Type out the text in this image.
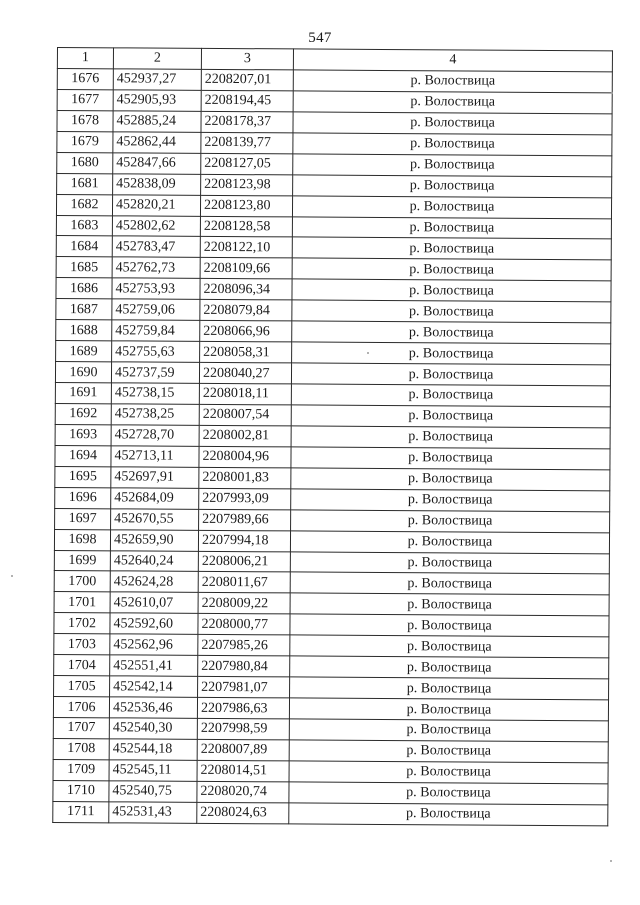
547
1	2	3	4
1676	452937,27	2208207,01	р. Волоствица
1677	452905,93	2208194,45	р. Волоствица
1678	452885,24	2208178,37	р. Волоствица
1679	452862,44	2208139,77	р. Волоствица
1680	452847,66	2208127,05	р. Волоствица
1681	452838,09	2208123,98	р. Волоствица
1682	452820,21	2208123,80	р. Волоствица
1683	452802,62	2208128,58	р. Волоствица
1684	452783,47	2208122,10	р. Волоствица
1685	452762,73	2208109,66	р. Волоствица
1686	452753,93	2208096,34	р. Волоствица
1687	452759,06	2208079,84	р. Волоствица
1688	452759,84	2208066,96	р. Волоствица
1689	452755,63	2208058,31	р. Волоствица
1690	452737,59	2208040,27	р. Волоствица
1691	452738,15	2208018,11	р. Волоствица
1692	452738,25	2208007,54	р. Волоствица
1693	452728,70	2208002,81	р. Волоствица
1694	452713,11	2208004,96	р. Волоствица
1695	452697,91	2208001,83	р. Волоствица
1696	452684,09	2207993,09	р. Волоствица
1697	452670,55	2207989,66	р. Волоствица
1698	452659,90	2207994,18	р. Волоствица
1699	452640,24	2208006,21	р. Волоствица
1700	452624,28	2208011,67	р. Волоствица
1701	452610,07	2208009,22	р. Волоствица
1702	452592,60	2208000,77	р. Волоствица
1703	452562,96	2207985,26	р. Волоствица
1704	452551,41	2207980,84	р. Волоствица
1705	452542,14	2207981,07	р. Волоствица
1706	452536,46	2207986,63	р. Волоствица
1707	452540,30	2207998,59	р. Волоствица
1708	452544,18	2208007,89	р. Волоствица
1709	452545,11	2208014,51	р. Волоствица
1710	452540,75	2208020,74	р. Волоствица
1711	452531,43	2208024,63	р. Волоствица
